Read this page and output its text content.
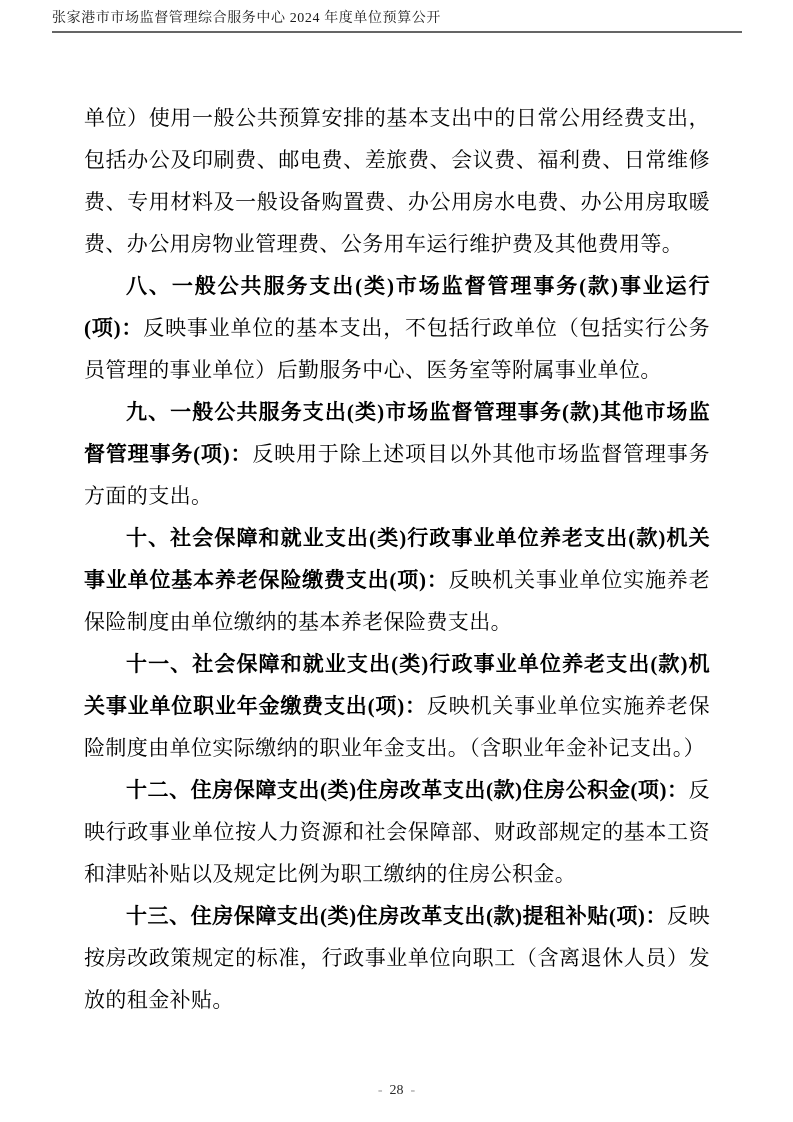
张家港市市场监督管理综合服务中心 2024 年度单位预算公开

单位）使用一般公共预算安排的基本支出中的日常公用经费支出，包括办公及印刷费、邮电费、差旅费、会议费、福利费、日常维修费、专用材料及一般设备购置费、办公用房水电费、办公用房取暖费、办公用房物业管理费、公务用车运行维护费及其他费用等。

八、一般公共服务支出(类)市场监督管理事务(款)事业运行(项)：反映事业单位的基本支出，不包括行政单位（包括实行公务员管理的事业单位）后勤服务中心、医务室等附属事业单位。

九、一般公共服务支出(类)市场监督管理事务(款)其他市场监督管理事务(项)：反映用于除上述项目以外其他市场监督管理事务方面的支出。

十、社会保障和就业支出(类)行政事业单位养老支出(款)机关事业单位基本养老保险缴费支出(项)：反映机关事业单位实施养老保险制度由单位缴纳的基本养老保险费支出。

十一、社会保障和就业支出(类)行政事业单位养老支出(款)机关事业单位职业年金缴费支出(项)：反映机关事业单位实施养老保险制度由单位实际缴纳的职业年金支出。（含职业年金补记支出。）

十二、住房保障支出(类)住房改革支出(款)住房公积金(项)：反映行政事业单位按人力资源和社会保障部、财政部规定的基本工资和津贴补贴以及规定比例为职工缴纳的住房公积金。

十三、住房保障支出(类)住房改革支出(款)提租补贴(项)：反映按房改政策规定的标准，行政事业单位向职工（含离退休人员）发放的租金补贴。

- 28 -
